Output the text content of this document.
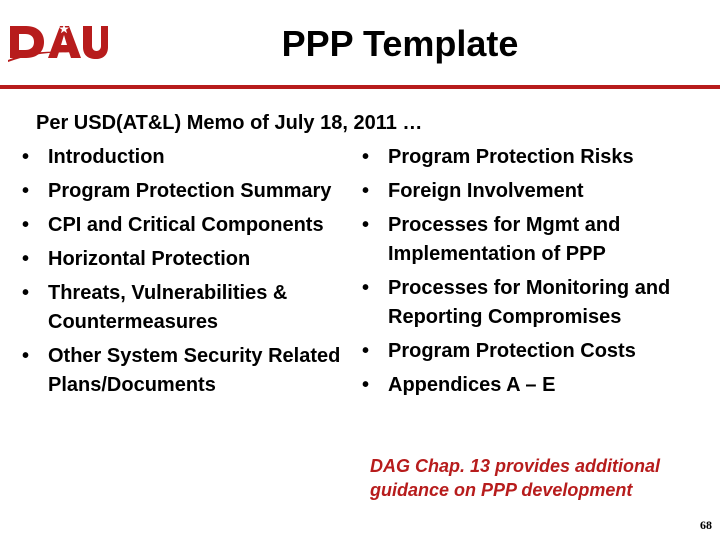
PPP Template
Per USD(AT&L) Memo of July 18, 2011 …
• Introduction
• Program Protection Summary
• CPI and Critical Components
• Horizontal Protection
• Threats, Vulnerabilities & Countermeasures
• Other System Security Related Plans/Documents
• Program Protection Risks
• Foreign Involvement
• Processes for Mgmt and Implementation of PPP
• Processes for Monitoring and Reporting Compromises
• Program Protection Costs
• Appendices A – E
DAG Chap. 13 provides additional guidance on PPP development
68
